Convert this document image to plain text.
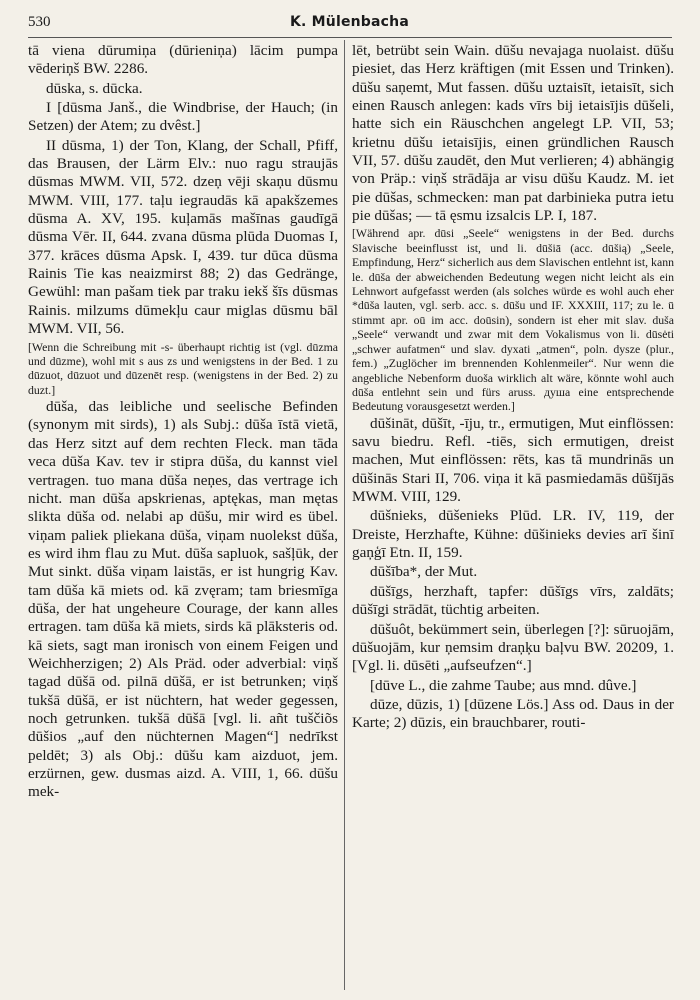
530	K. Mülenbacha

tā viena dūrumiņa (dūrieniņa) lācim pumpa vēderiņš BW. 2286.

dūska, s. dūcka.

I [dūsma Janš., die Windbrise, der Hauch; (in Setzen) der Atem; zu dvêst.]

II dūsma, 1) der Ton, Klang, der Schall, Pfiff, das Brausen, der Lärm Elv.: nuo ragu straujās dūsmas MWM. VII, 572. dzeņ vēji skaņu dūsmu MWM. VIII, 177. taļu iegraudās kā apakšzemes dūsma A. XV, 195. kuļamās mašīnas gaudīgā dūsma Vēr. II, 644. zvana dūsma plūda Duomas I, 377. krāces dūsma Apsk. I, 439. tur dūca dūsma Rainis Tie kas neaizmirst 88; 2) das Gedränge, Gewühl: man pašam tiek par traku iekš šīs dūsmas Rainis. milzums dūmekļu caur miglas dūsmu bāl MWM. VII, 56.

[Wenn die Schreibung mit -s- überhaupt richtig ist (vgl. dūzma und dūzme), wohl mit s aus zs und wenigstens in der Bed. 1 zu dūzuot, dūzuot und dūzenēt resp. (wenigstens in der Bed. 2) zu duzt.]

dūša, das leibliche und seelische Befinden (synonym mit sirds), 1) als Subj.: dūša īstā vietā, das Herz sitzt auf dem rechten Fleck. man tāda veca dūša Kav. tev ir stipra dūša, du kannst viel vertragen. tuo mana dūša neņes, das vertrage ich nicht. man dūša apskrienas, aptękas, man mętas slikta dūša od. nelabi ap dūšu, mir wird es übel. viņam paliek pliekana dūša, viņam nuolekst dūša, es wird ihm flau zu Mut. dūša sapluok, sašļūk, der Mut sinkt. dūša viņam laistās, er ist hungrig Kav. tam dūša kā miets od. kā zvęram; tam briesmīga dūša, der hat ungeheure Courage, der kann alles ertragen. tam dūša kā miets, sirds kā plāksteris od. kā siets, sagt man ironisch von einem Feigen und Weichherzigen; 2) Als Präd. oder adverbial: viņš tagad dūšā od. pilnā dūšā, er ist betrunken; viņš tukšā dūšā, er ist nüchtern, hat weder gegessen, noch getrunken. tukšā dūšā [vgl. li. añt tuščiõs dūšios „auf den nüchternen Magen“] nedrīkst peldēt; 3) als Obj.: dūšu kam aizduot, jem. erzürnen, gew. dusmas aizd. A. VIII, 1, 66. dūšu mek-

lēt, betrübt sein Wain. dūšu nevajaga nuolaist. dūšu piesiet, das Herz kräftigen (mit Essen und Trinken). dūšu saņemt, Mut fassen. dūšu uztaisīt, ietaisīt, sich einen Rausch anlegen: kads vīrs bij ietaisījis dūšeli, hatte sich ein Räuschchen angelegt LP. VII, 53; krietnu dūšu ietaisījis, einen gründlichen Rausch VII, 57. dūšu zaudēt, den Mut verlieren; 4) abhängig von Präp.: viņš strādāja ar visu dūšu Kaudz. M. iet pie dūšas, schmecken: man pat darbinieka putra ietu pie dūšas; — tā ęsmu izsalcis LP. I, 187.

[Während apr. dūsi „Seele“ wenigstens in der Bed. durchs Slavische beeinflusst ist, und li. dūšiā (acc. dūšią) „Seele, Empfindung, Herz“ sicherlich aus dem Slavischen entlehnt ist, kann le. dūša der abweichenden Bedeutung wegen nicht leicht als ein Lehnwort aufgefasst werden (als solches würde es wohl auch eher *dūša lauten, vgl. serb. acc. s. dūšu und IF. XXXIII, 117; zu le. ū stimmt apr. oū im acc. doūsin), sondern ist eher mit slav. duša „Seele“ verwandt und zwar mit dem Vokalismus von li. dūsėti „schwer aufatmen“ und slav. dyxati „atmen“, poln. dysze (plur., fem.) „Zuglöcher im brennenden Kohlenmeiler“. Nur wenn die angebliche Nebenform duoša wirklich alt wäre, könnte wohl auch dūša entlehnt sein und fürs aruss. душа eine entsprechende Bedeutung vorausgesetzt werden.]

dūšināt, dūšīt, -īju, tr., ermutigen, Mut einflössen: savu biedru. Refl. -tiēs, sich ermutigen, dreist machen, Mut einflössen: rēts, kas tā mundrinās un dūšinās Stari II, 706. viņa it kā pasmiedamās dūšījās MWM. VIII, 129.

dūšnieks, dūšenieks Plūd. LR. IV, 119, der Dreiste, Herzhafte, Kühne: dūšinieks devies arī šinī gaņģī Etn. II, 159.

dūšība*, der Mut.

dūšīgs, herzhaft, tapfer: dūšīgs vīrs, zaldāts; dūšīgi strādāt, tüchtig arbeiten.

dūšuôt, bekümmert sein, überlegen [?]: sūruojām, dūšuojām, kur ņemsim draņķu baļvu BW. 20209, 1. [Vgl. li. dūsēti „aufseufzen“.]

[dūve L., die zahme Taube; aus mnd. dûve.]

dūze, dūzis, 1) [dūzene Lös.] Ass od. Daus in der Karte; 2) dūzis, ein brauchbarer, routi-
